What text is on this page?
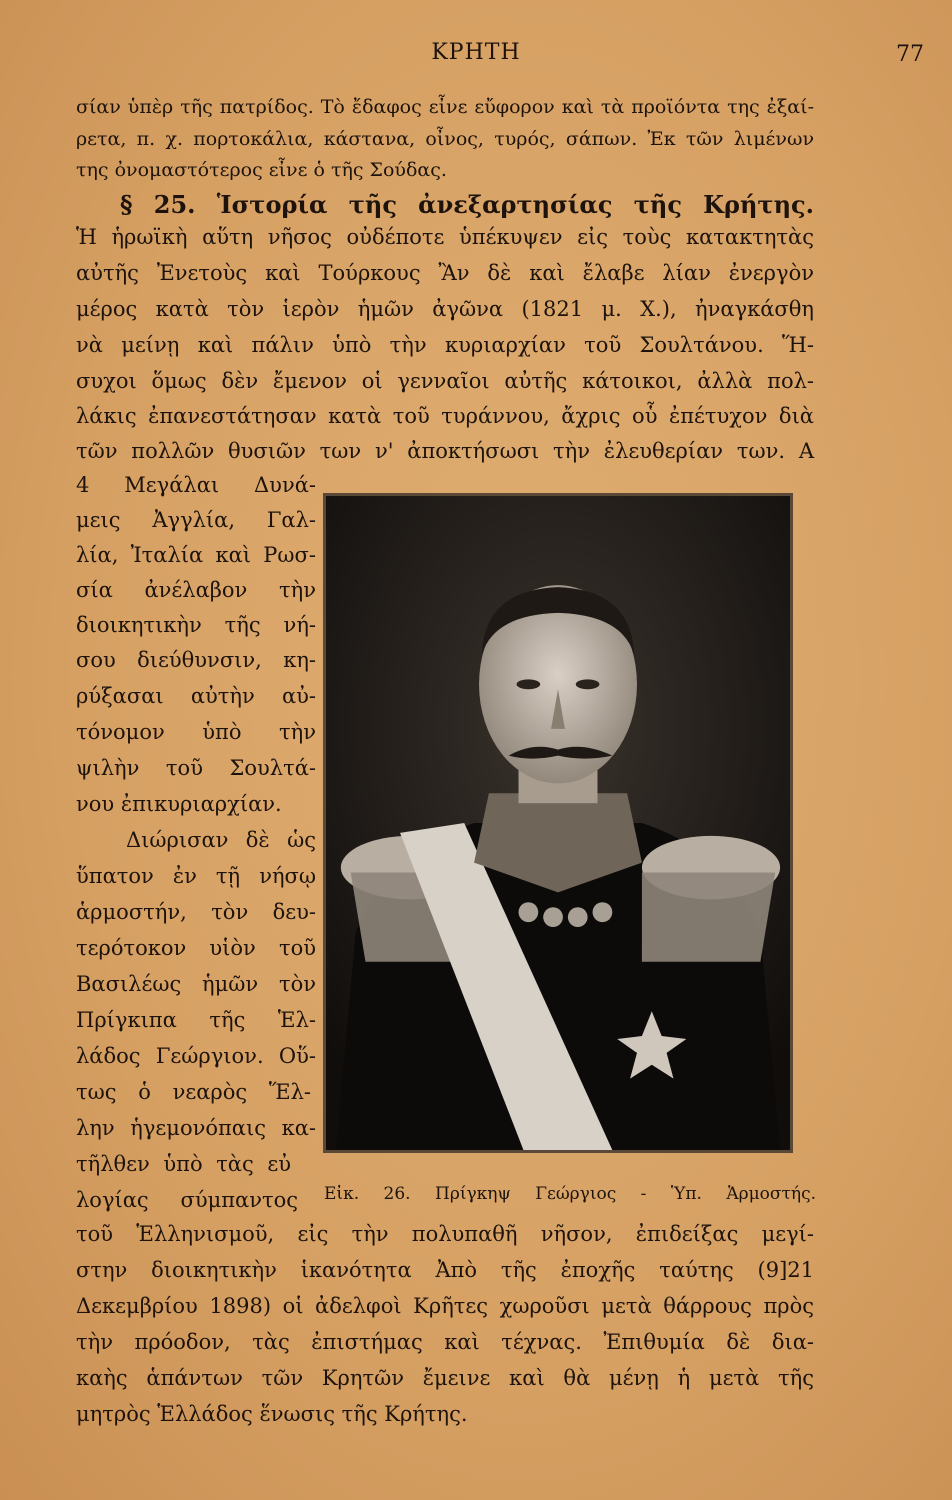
ΚΡΗΤΗ	77
σίαν ὑπὲρ τῆς πατρίδος. Τὸ ἔδαφος εἶνε εὔφορον καὶ τὰ προϊόντα της ἐξαί-
ρετα, π. χ. πορτοκάλια, κάστανα, οἶνος, τυρός, σάπων. Ἐκ τῶν λιμένων
της ὀνομαστότερος εἶνε ὁ τῆς Σούδας.
§ 25. Ἱστορία τῆς ἀνεξαρτησίας τῆς Κρήτης.
Ἡ ἡρωϊκὴ αὕτη νῆσος οὐδέποτε ὑπέκυψεν εἰς τοὺς κατακτητὰς
αὐτῆς Ἐνετοὺς καὶ Τούρκους Ἂν δὲ καὶ ἔλαβε λίαν ἐνεργὸν
μέρος κατὰ τὸν ἱερὸν ἡμῶν ἀγῶνα (1821 μ. Χ.), ἠναγκάσθη
νὰ μείνῃ καὶ πάλιν ὑπὸ τὴν κυριαρχίαν τοῦ Σουλτάνου. Ἥ-
συχοι ὅμως δὲν ἔμενον οἱ γενναῖοι αὐτῆς κάτοικοι, ἀλλὰ πολ-
λάκις ἐπανεστάτησαν κατὰ τοῦ τυράννου, ἄχρις οὗ ἐπέτυχον διὰ
τῶν πολλῶν θυσιῶν των ν' ἀποκτήσωσι τὴν ἐλευθερίαν των. Α
4 Μεγάλαι Δυνά-
μεις Ἀγγλία, Γαλ-
λία, Ἰταλία καὶ Ρωσ-
σία ἀνέλαβον τὴν
διοικητικὴν τῆς νή-
σου διεύθυνσιν, κη-
ρύξασαι αὐτὴν αὐ-
τόνομον ὑπὸ τὴν
ψιλὴν τοῦ Σουλτά-
νου ἐπικυριαρχίαν.
Διώρισαν δὲ ὡς
ὕπατον ἐν τῇ νήσῳ
ἁρμοστήν, τὸν δευ-
τερότοκον υἱὸν τοῦ
Βασιλέως ἡμῶν τὸν
Πρίγκιπα τῆς Ἑλ-
λάδος Γεώργιον. Οὕ-
τως ὁ νεαρὸς Ἕλ-
λην ἡγεμονόπαις κα-
τῆλθεν ὑπὸ τὰς εὐ
λογίας σύμπαντος Εἰκ. 26. Πρίγκηψ Γεώργιος - Ὑπ. Ἁρμοστής.
τοῦ Ἑλληνισμοῦ, εἰς τὴν πολυπαθῆ νῆσον, ἐπιδείξας μεγί-
στην διοικητικὴν ἱκανότητα Ἀπὸ τῆς ἐποχῆς ταύτης (9]21
Δεκεμβρίου 1898) οἱ ἀδελφοὶ Κρῆτες χωροῦσι μετὰ θάρρους πρὸς
τὴν πρόοδον, τὰς ἐπιστήμας καὶ τέχνας. Ἐπιθυμία δὲ δια-
καὴς ἁπάντων τῶν Κρητῶν ἔμεινε καὶ θὰ μένῃ ἡ μετὰ τῆς
μητρὸς Ἑλλάδος ἕνωσις τῆς Κρήτης.
